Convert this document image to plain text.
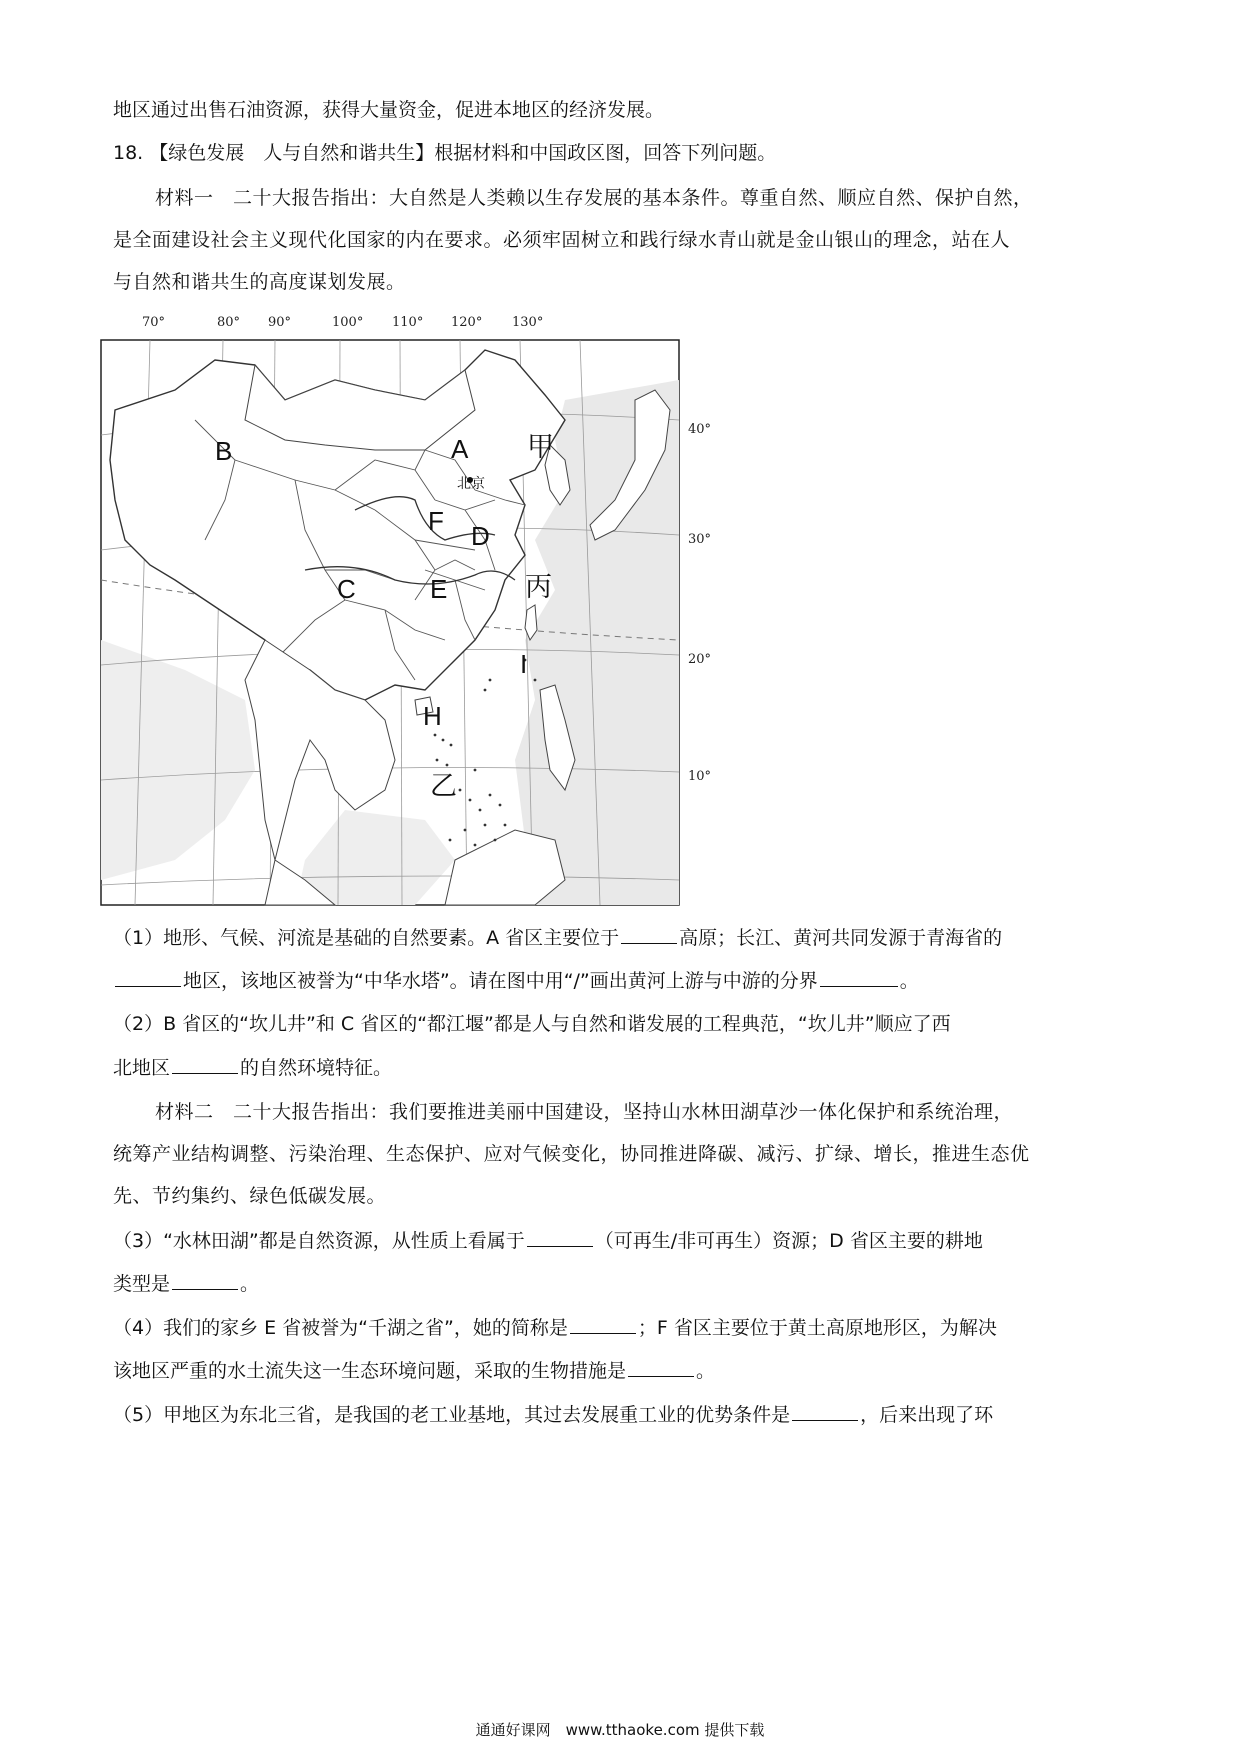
地区通过出售石油资源，获得大量资金，促进本地区的经济发展。
18. 【绿色发展　人与自然和谐共生】根据材料和中国政区图，回答下列问题。
材料一　二十大报告指出：大自然是人类赖以生存发展的基本条件。尊重自然、顺应自然、保护自然，
是全面建设社会主义现代化国家的内在要求。必须牢固树立和践行绿水青山就是金山银山的理念，站在人
与自然和谐共生的高度谋划发展。
70°	80° 90°	100° 110° 120° 130°
40°
30°
20°
10°
北京
B	A 甲
F D
C	E	丙
I
H
乙
（1）地形、气候、河流是基础的自然要素。A 省区主要位于	高原；长江、黄河共同发源于青海省的
地区，该地区被誉为“中华水塔”。请在图中用“/”画出黄河上游与中游的分界	。
（2）B 省区的“坎儿井”和 C 省区的“都江堰”都是人与自然和谐发展的工程典范，“坎儿井”顺应了西
北地区	的自然环境特征。
材料二　二十大报告指出：我们要推进美丽中国建设，坚持山水林田湖草沙一体化保护和系统治理，
统筹产业结构调整、污染治理、生态保护、应对气候变化，协同推进降碳、减污、扩绿、增长，推进生态优
先、节约集约、绿色低碳发展。
（3）“水林田湖”都是自然资源，从性质上看属于	（可再生/非可再生）资源；D 省区主要的耕地
类型是	。
（4）我们的家乡 E 省被誉为“千湖之省”，她的简称是	；F 省区主要位于黄土高原地形区，为解决
该地区严重的水土流失这一生态环境问题，采取的生物措施是	。
（5）甲地区为东北三省，是我国的老工业基地，其过去发展重工业的优势条件是	，后来出现了环
通通好课网　www.tthaoke.com 提供下载
